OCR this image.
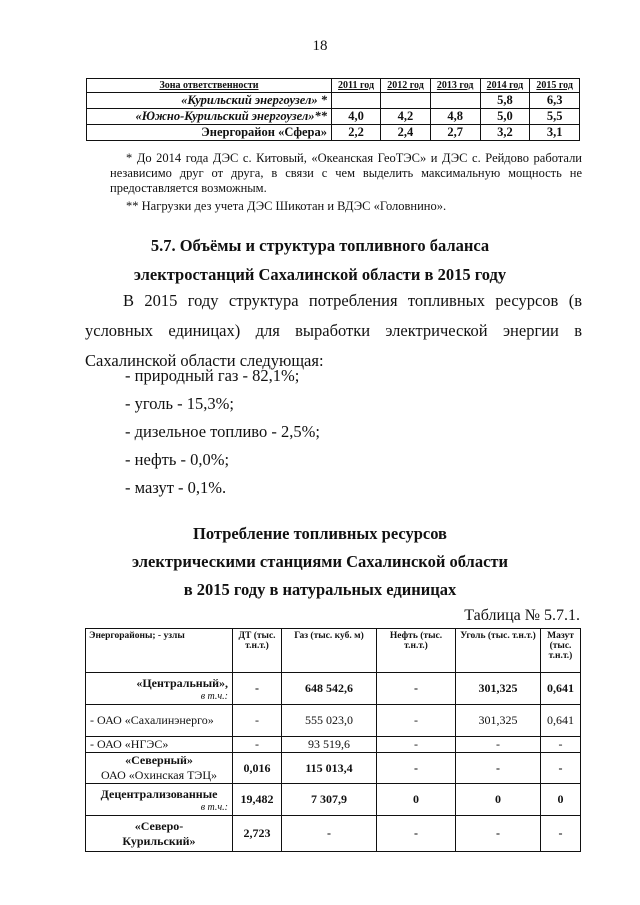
18
Зона ответственности	2011 год	2012 год	2013 год	2014 год	2015 год
«Курильский энергоузел» *				5,8	6,3
«Южно-Курильский энергоузел»**	4,0	4,2	4,8	5,0	5,5
Энергорайон «Сфера»	2,2	2,4	2,7	3,2	3,1
* До 2014 года ДЭС с. Китовый, «Океанская ГеоТЭС» и ДЭС с. Рейдово работали независимо друг от друга, в связи с чем выделить максимальную мощность не предоставляется возможным.
** Нагрузки дез учета ДЭС Шикотан и ВДЭС «Головнино».
5.7. Объёмы и структура топливного баланса
электростанций Сахалинской области в 2015 году
В 2015 году структура потребления топливных ресурсов (в условных единицах) для выработки электрической энергии в Сахалинской области следующая:
- природный газ - 82,1%;
- уголь - 15,3%;
- дизельное топливо - 2,5%;
- нефть - 0,0%;
- мазут - 0,1%.
Потребление топливных ресурсов
электрическими станциями Сахалинской области
в 2015 году в натуральных единицах
Таблица № 5.7.1.
Энергорайоны; - узлы	ДТ (тыс. т.н.т.)	Газ (тыс. куб. м)	Нефть (тыс. т.н.т.)	Уголь (тыс. т.н.т.)	Мазут (тыс. т.н.т.)

«Центральный»,
в т.ч.:	-	648 542,6	-	301,325	0,641
- ОАО «Сахалинэнерго»	-	555 023,0	-	301,325	0,641
- ОАО «НГЭС»	-	93 519,6	-	-	-

«Северный»
ОАО «Охинская ТЭЦ»	0,016	115 013,4	-	-	-

Децентрализованные
в т.ч.:	19,482	7 307,9	0	0	0
«Северо-Курильский»	2,723	-	-	-	-
